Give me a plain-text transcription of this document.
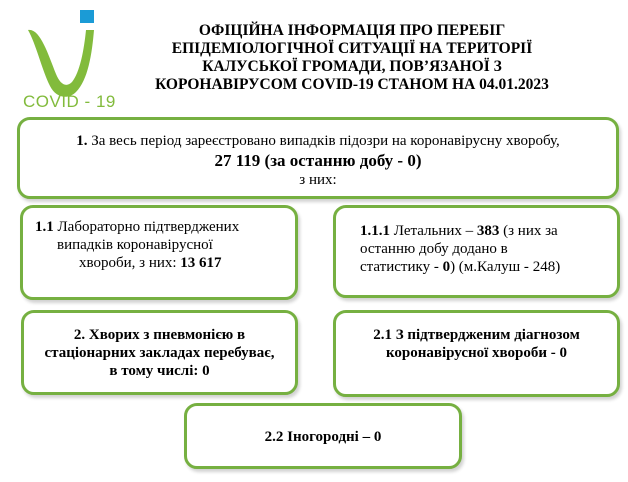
COVID - 19
ОФІЦІЙНА ІНФОРМАЦІЯ ПРО ПЕРЕБІГ
ЕПІДЕМІОЛОГІЧНОЇ СИТУАЦІЇ НА ТЕРИТОРІЇ
КАЛУСЬКОЇ ГРОМАДИ, ПОВ’ЯЗАНОЇ З
КОРОНАВІРУСОМ COVID-19 СТАНОМ НА 04.01.2023
1. За весь період зареєстровано випадків підозри на коронавірусну хворобу,
27 119 (за останню добу - 0)
з них:
1.1 Лабораторно підтверджених
випадків коронавірусної
хвороби, з них: 13 617
1.1.1 Летальних – 383 (з них за
останню добу додано в
статистику - 0) (м.Калуш - 248)
2. Хворих з пневмонією в
стаціонарних закладах перебуває,
в тому числі: 0
2.1 З підтвердженим діагнозом
коронавірусної хвороби - 0
2.2 Іногородні – 0
